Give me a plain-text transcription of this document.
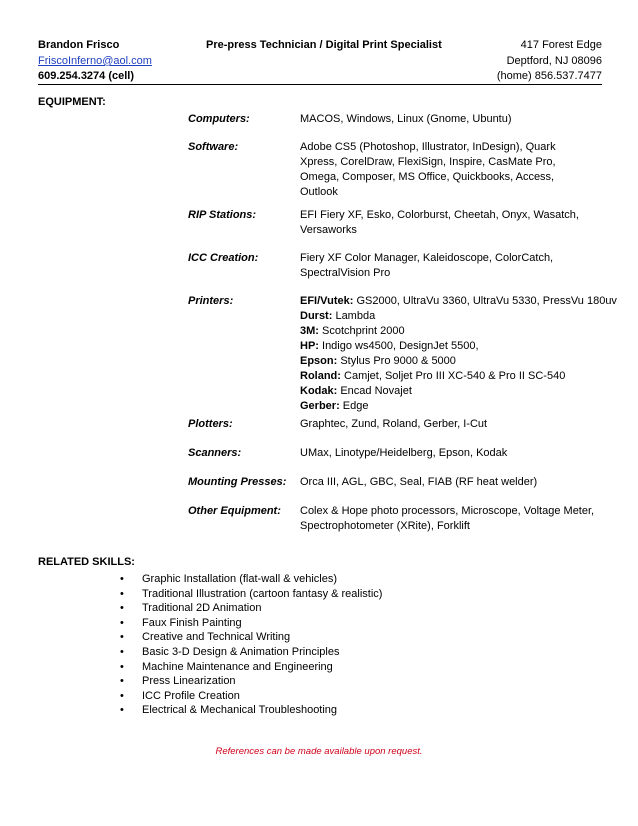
Brandon Frisco	Pre-press Technician / Digital Print Specialist	417 Forest Edge
FriscoInferno@aol.com	Deptford, NJ 08096
609.254.3274 (cell)	(home) 856.537.7477
EQUIPMENT:
Computers:	MACOS, Windows, Linux (Gnome, Ubuntu)
Software:	Adobe CS5 (Photoshop, Illustrator, InDesign), Quark
Xpress, CorelDraw, FlexiSign, Inspire, CasMate Pro,
Omega, Composer, MS Office, Quickbooks, Access,
Outlook
RIP Stations:	EFI Fiery XF, Esko, Colorburst, Cheetah, Onyx, Wasatch,
Versaworks
ICC Creation:	Fiery XF Color Manager, Kaleidoscope, ColorCatch,
SpectralVision Pro
Printers:	EFI/Vutek: GS2000, UltraVu 3360, UltraVu 5330, PressVu 180uv
Durst: Lambda
3M: Scotchprint 2000
HP: Indigo ws4500, DesignJet 5500,
Epson: Stylus Pro 9000 & 5000
Roland: Camjet, Soljet Pro III XC-540 & Pro II SC-540
Kodak: Encad Novajet
Gerber: Edge
Plotters:	Graphtec, Zund, Roland, Gerber, I-Cut
Scanners:	UMax, Linotype/Heidelberg, Epson, Kodak
Mounting Presses: Orca III, AGL, GBC, Seal, FIAB (RF heat welder)
Other Equipment: Colex & Hope photo processors, Microscope, Voltage Meter,
Spectrophotometer (XRite), Forklift
RELATED SKILLS:
•	Graphic Installation (flat-wall & vehicles)
•	Traditional Illustration (cartoon fantasy & realistic)
•	Traditional 2D Animation
•	Faux Finish Painting
•	Creative and Technical Writing
•	Basic 3-D Design & Animation Principles
•	Machine Maintenance and Engineering
•	Press Linearization
•	ICC Profile Creation
•	Electrical & Mechanical Troubleshooting
References can be made available upon request.
